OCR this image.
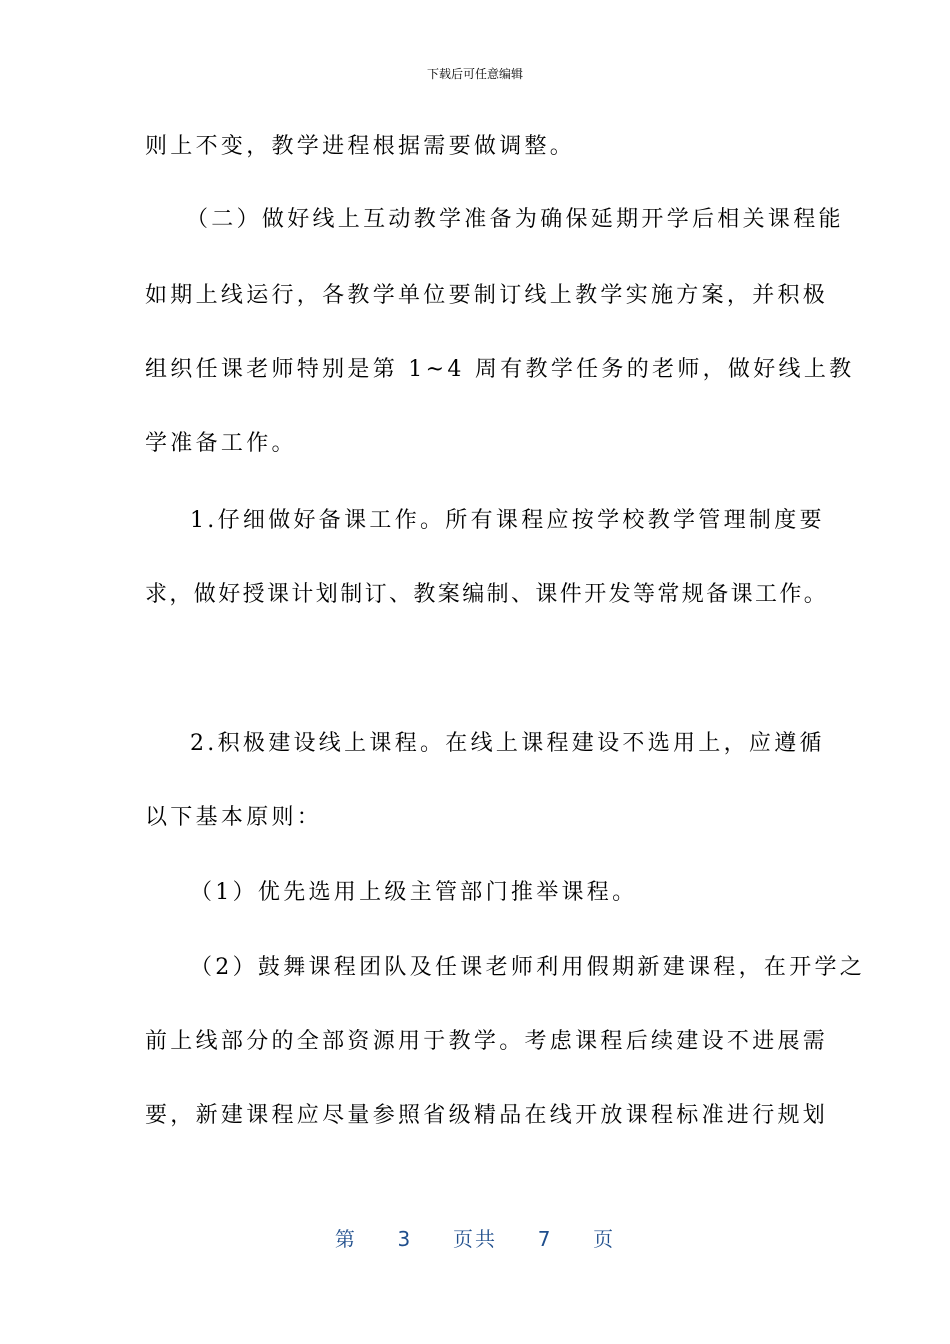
下载后可任意编辑

则上不变，教学进程根据需要做调整。

（二）做好线上互动教学准备为确保延期开学后相关课程能

如期上线运行，各教学单位要制订线上教学实施方案，并积极

组织任课老师特别是第 1~4 周有教学任务的老师，做好线上教

学准备工作。

1.仔细做好备课工作。所有课程应按学校教学管理制度要

求，做好授课计划制订、教案编制、课件开发等常规备课工作。

2.积极建设线上课程。在线上课程建设不选用上，应遵循

以下基本原则：

（1）优先选用上级主管部门推举课程。

（2）鼓舞课程团队及任课老师利用假期新建课程，在开学之

前上线部分的全部资源用于教学。考虑课程后续建设不进展需

要，新建课程应尽量参照省级精品在线开放课程标准进行规划

第 3 页共 7 页
